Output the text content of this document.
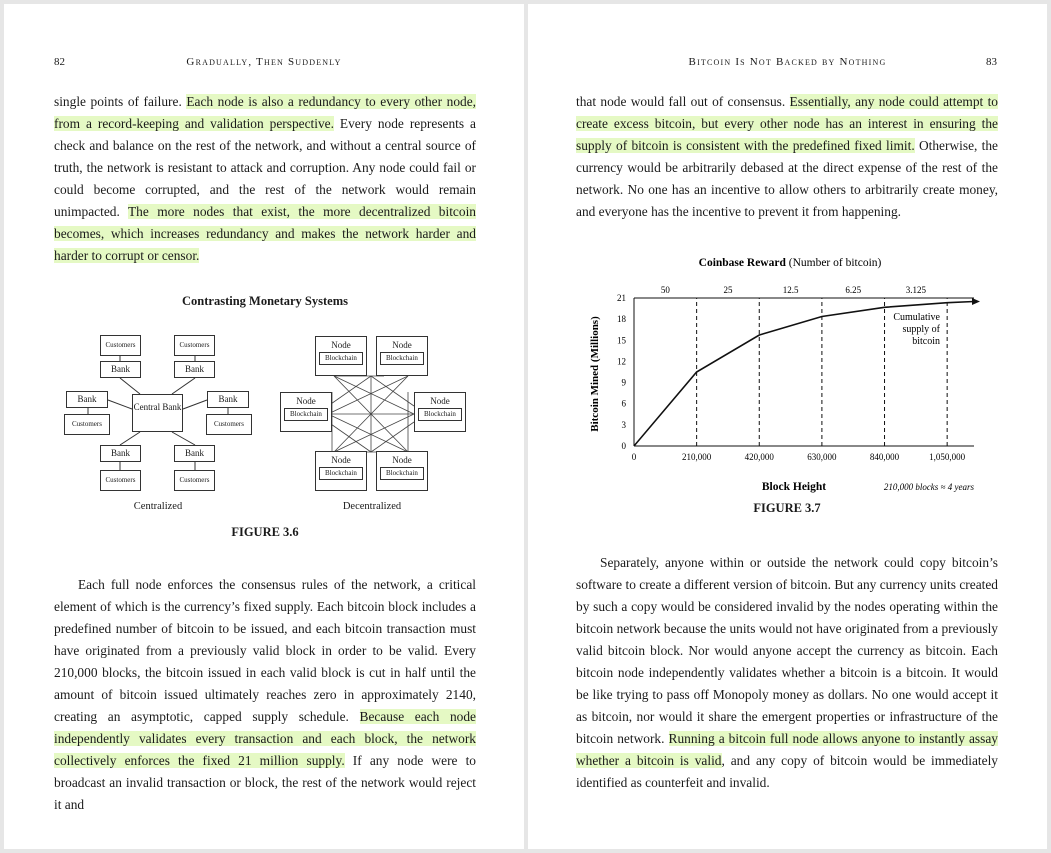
82	Gradually, Then Suddenly

single points of failure. Each node is also a redundancy to every other node, from a record-keeping and validation perspective. Every node represents a check and balance on the rest of the network, and without a central source of truth, the network is resistant to attack and corruption. Any node could fail or could become corrupted, and the rest of the network would remain unimpacted. The more nodes that exist, the more decentralized bitcoin becomes, which increases redundancy and makes the network harder and harder to corrupt or censor.

Contrasting Monetary Systems
Customers	Customers
Bank	Bank
Bank	Bank
Customers	Customers
Central Bank
Bank	Bank
Customers	Customers
Centralized
Node
Blockchain
Node
Blockchain
Node
Blockchain
Node
Blockchain
Node
Blockchain
Node
Blockchain
Decentralized
FIGURE 3.6

Each full node enforces the consensus rules of the network, a critical element of which is the currency’s fixed supply. Each bitcoin block includes a predefined number of bitcoin to be issued, and each bitcoin transaction must have originated from a previously valid block in order to be valid. Every 210,000 blocks, the bitcoin issued in each valid block is cut in half until the amount of bitcoin issued ultimately reaches zero in approximately 2140, creating an asymptotic, capped supply schedule. Because each node independently validates every transaction and each block, the network collectively enforces the fixed 21 million supply. If any node were to broadcast an invalid transaction or block, the rest of the network would reject it and

Bitcoin Is Not Backed by Nothing	83

that node would fall out of consensus. Essentially, any node could attempt to create excess bitcoin, but every other node has an interest in ensuring the supply of bitcoin is consistent with the predefined fixed limit. Otherwise, the currency would be arbitrarily debased at the direct expense of the rest of the network. No one has an incentive to allow others to arbitrarily create money, and everyone has the incentive to prevent it from happening.

Coinbase Reward (Number of bitcoin)
50	25	12.5	6.25	3.125
0	210,000	420,000	630,000	840,000	1,050,000
0
3
6
9
12
15
18
21
Cumulative supply of bitcoin
Block Height	210,000 blocks ≈ 4 years
Bitcoin Mined (Millions)
FIGURE 3.7

Separately, anyone within or outside the network could copy bitcoin’s software to create a different version of bitcoin. But any currency units created by such a copy would be considered invalid by the nodes operating within the bitcoin network because the units would not have originated from a previously valid bitcoin block. Nor would anyone accept the currency as bitcoin. Each bitcoin node independently validates whether a bitcoin is a bitcoin. It would be like trying to pass off Monopoly money as dollars. No one would accept it as bitcoin, nor would it share the emergent properties or infrastructure of the bitcoin network. Running a bitcoin full node allows anyone to instantly assay whether a bitcoin is valid, and any copy of bitcoin would be immediately identified as counterfeit and invalid.
